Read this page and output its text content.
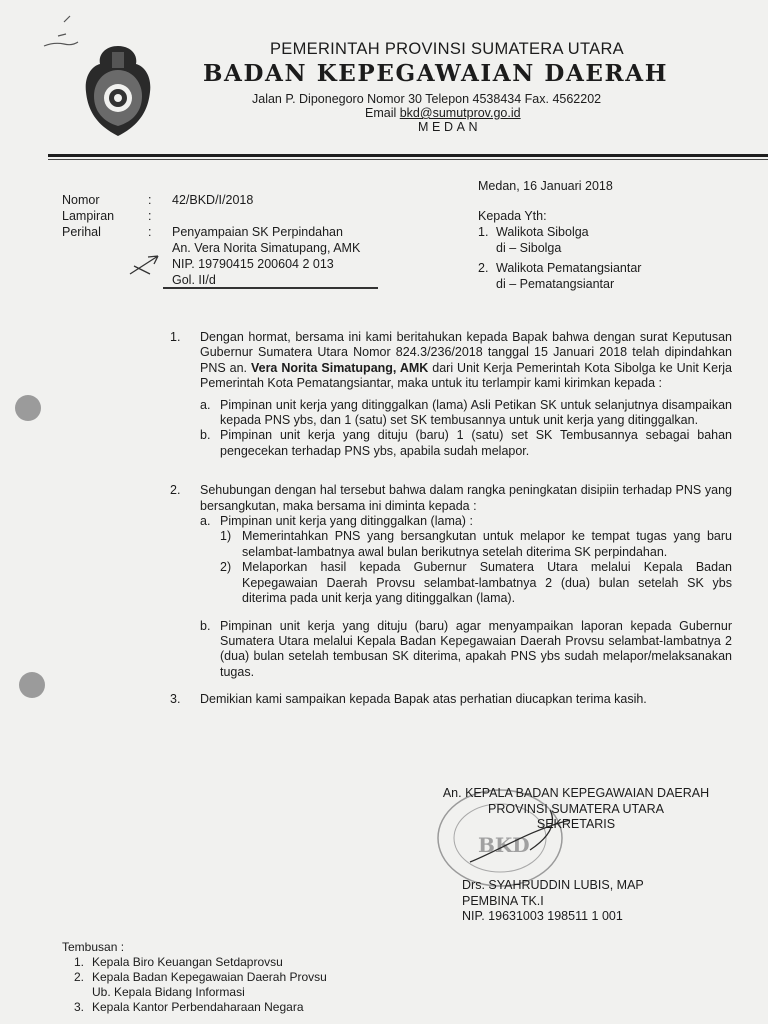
PEMERINTAH PROVINSI SUMATERA UTARA
BADAN KEPEGAWAIAN DAERAH
Jalan P. Diponegoro Nomor 30 Telepon 4538434 Fax. 4562202
Email bkd@sumutprov.go.id
MEDAN
Nomor	:	42/BKD/I/2018
Lampiran	:
Perihal	:	Penyampaian SK Perpindahan
An. Vera Norita Simatupang, AMK
NIP. 19790415 200604 2 013
Gol. II/d
Medan, 16 Januari 2018
Kepada Yth:
1. Walikota Sibolga
di – Sibolga
2. Walikota Pematangsiantar
di – Pematangsiantar
1.	Dengan hormat, bersama ini kami beritahukan kepada Bapak bahwa dengan surat Keputusan Gubernur Sumatera Utara Nomor 824.3/236/2018 tanggal 15 Januari 2018 telah dipindahkan PNS an. Vera Norita Simatupang, AMK dari Unit Kerja Pemerintah Kota Sibolga ke Unit Kerja Pemerintah Kota Pematangsiantar, maka untuk itu terlampir kami kirimkan kepada :
a. Pimpinan unit kerja yang ditinggalkan (lama) Asli Petikan SK untuk selanjutnya disampaikan kepada PNS ybs, dan 1 (satu) set SK tembusannya untuk unit kerja yang ditinggalkan.
b. Pimpinan unit kerja yang dituju (baru) 1 (satu) set SK Tembusannya sebagai bahan pengecekan terhadap PNS ybs, apabila sudah melapor.
2.	Sehubungan dengan hal tersebut bahwa dalam rangka peningkatan disipiin terhadap PNS yang bersangkutan, maka bersama ini diminta kepada :
a. Pimpinan unit kerja yang ditinggalkan (lama) :
1) Memerintahkan PNS yang bersangkutan untuk melapor ke tempat tugas yang baru selambat-lambatnya awal bulan berikutnya setelah diterima SK perpindahan.
2) Melaporkan hasil kepada Gubernur Sumatera Utara melalui Kepala Badan Kepegawaian Daerah Provsu selambat-lambatnya 2 (dua) bulan setelah SK ybs diterima pada unit kerja yang ditinggalkan (lama).
b. Pimpinan unit kerja yang dituju (baru) agar menyampaikan laporan kepada Gubernur Sumatera Utara melalui Kepala Badan Kepegawaian Daerah Provsu selambat-lambatnya 2 (dua) bulan setelah tembusan SK diterima, apakah PNS ybs sudah melapor/melaksanakan tugas.
3.	Demikian kami sampaikan kepada Bapak atas perhatian diucapkan terima kasih.
BKD
An. KEPALA BADAN KEPEGAWAIAN DAERAH
PROVINSI SUMATERA UTARA
SEKRETARIS
Drs. SYAHRUDDIN LUBIS, MAP
PEMBINA TK.I
NIP. 19631003 198511 1 001
Tembusan :
1. Kepala Biro Keuangan Setdaprovsu
2. Kepala Badan Kepegawaian Daerah Provsu
Ub. Kepala Bidang Informasi
3. Kepala Kantor Perbendaharaan Negara
